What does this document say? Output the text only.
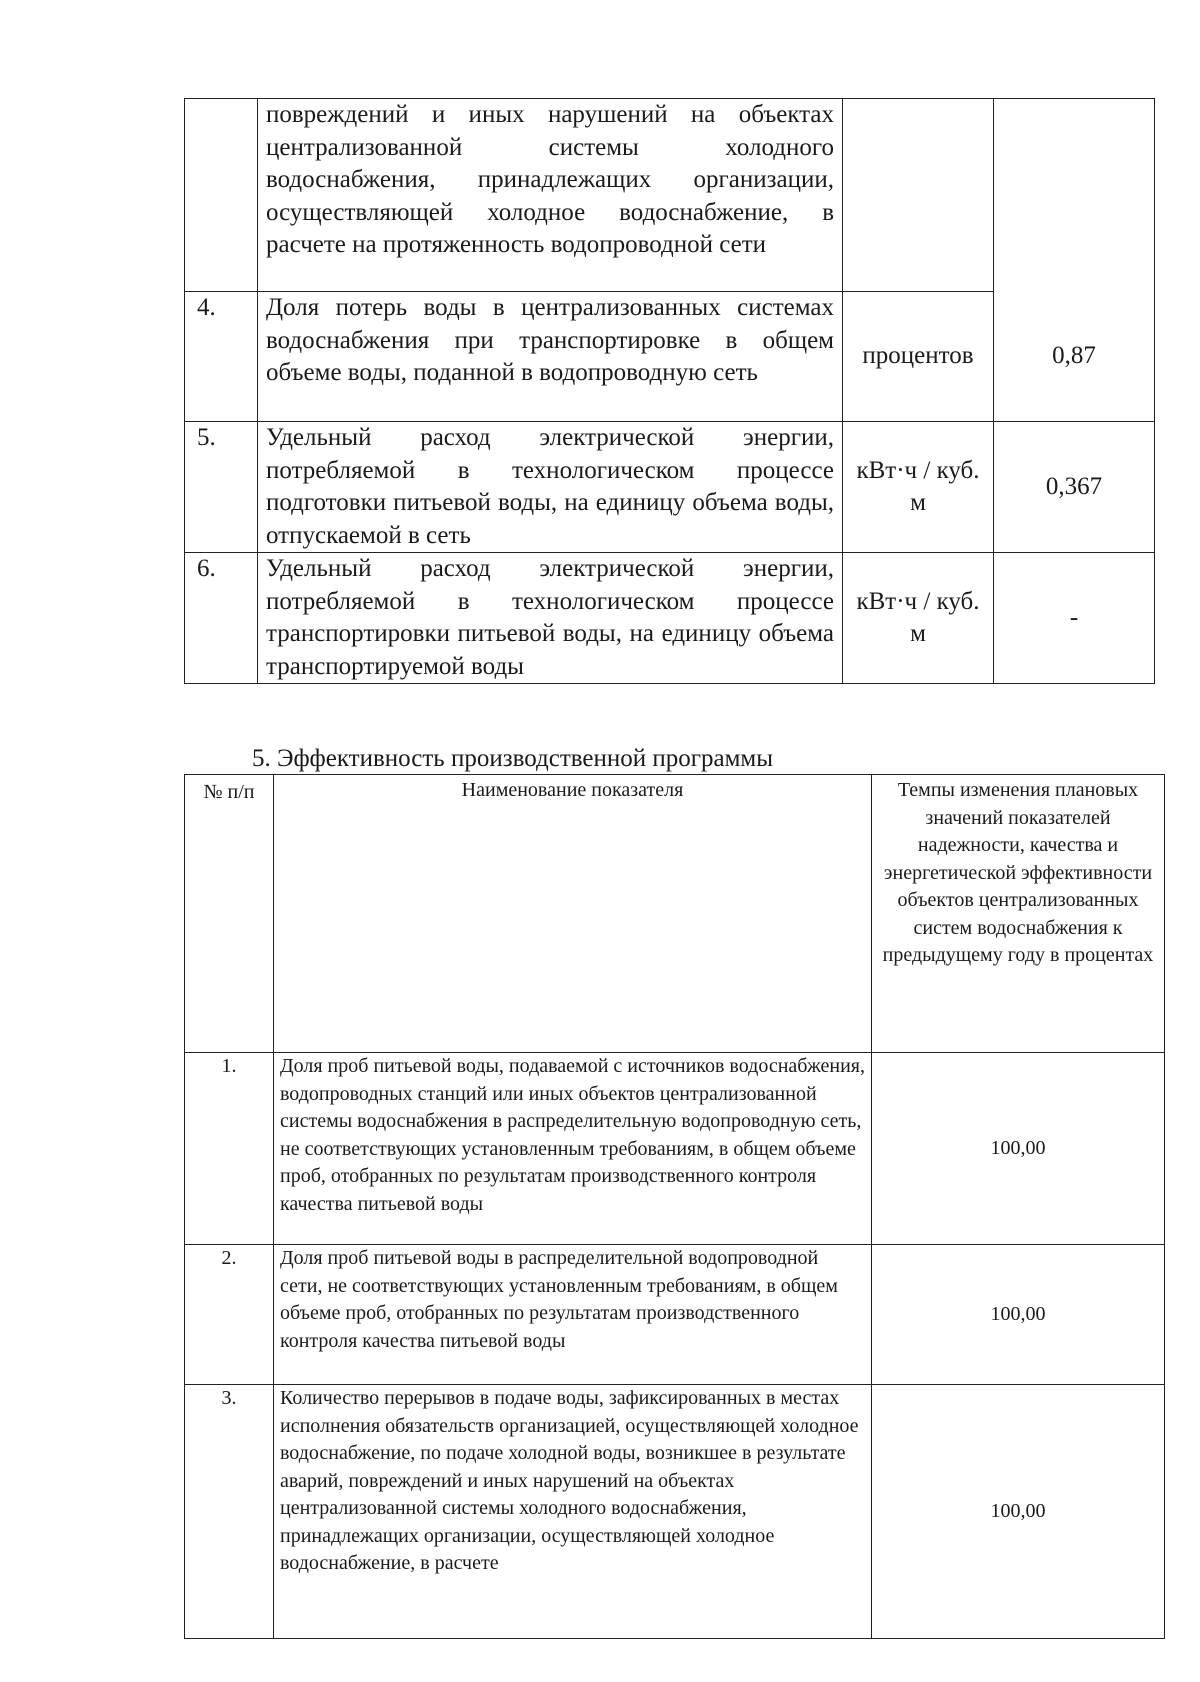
	повреждений и иных нарушений на объектах централизованной системы холодного водоснабжения, принадлежащих организации, осуществляющей холодное водоснабжение, в расчете на протяженность водопроводной сети		
4.	Доля потерь воды в централизованных системах водоснабжения при транспортировке в общем объеме воды, поданной в водопроводную сеть	процентов	0,87
5.	Удельный расход электрической энергии, потребляемой в технологическом процессе подготовки питьевой воды, на единицу объема воды, отпускаемой в сеть	кВт·ч / куб. м	0,367
6.	Удельный расход электрической энергии, потребляемой в технологическом процессе транспортировки питьевой воды, на единицу объема транспортируемой воды	кВт·ч / куб. м	-
5. Эффективность производственной программы
№ п/п	Наименование показателя	Темпы изменения плановых значений показателей надежности, качества и энергетической эффективности объектов централизованных систем водоснабжения к предыдущему году в процентах
1.	Доля проб питьевой воды, подаваемой с источников водоснабжения, водопроводных станций или иных объектов централизованной системы водоснабжения в распределительную водопроводную сеть, не соответствующих установленным требованиям, в общем объеме проб, отобранных по результатам производственного контроля качества питьевой воды	100,00
2.	Доля проб питьевой воды в распределительной водопроводной сети, не соответствующих установленным требованиям, в общем объеме проб, отобранных по результатам производственного контроля качества питьевой воды	100,00
3.	Количество перерывов в подаче воды, зафиксированных в местах исполнения обязательств организацией, осуществляющей холодное водоснабжение, по подаче холодной воды, возникшее в результате аварий, повреждений и иных нарушений на объектах централизованной системы холодного водоснабжения, принадлежащих организации, осуществляющей холодное водоснабжение, в расчете	100,00
